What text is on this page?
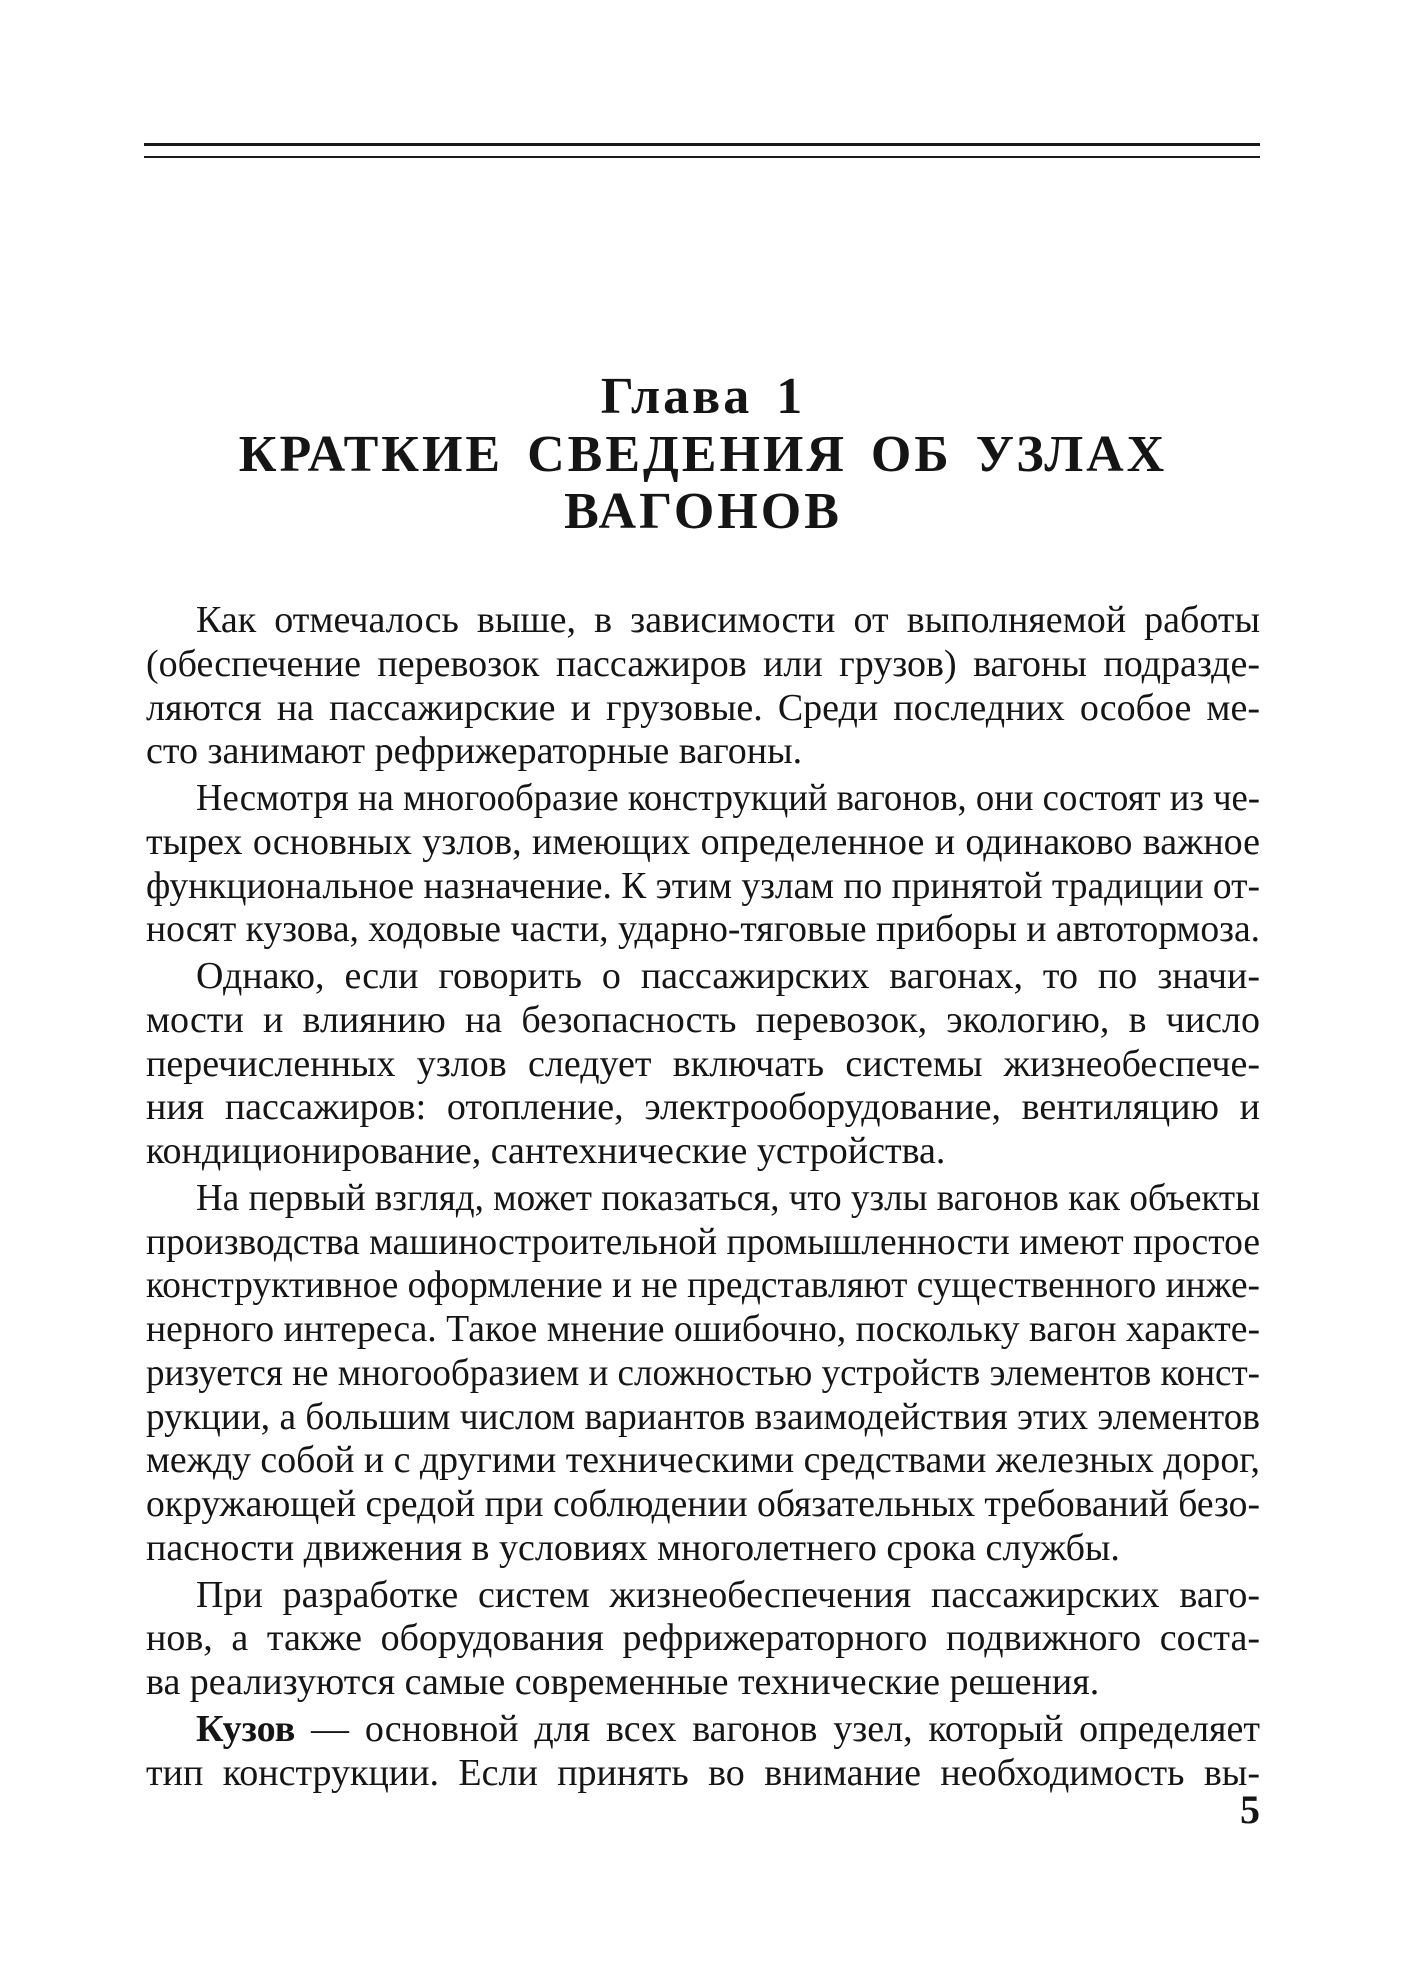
Глава 1
КРАТКИЕ СВЕДЕНИЯ ОБ УЗЛАХ
ВАГОНОВ
Как отмечалось выше, в зависимости от выполняемой работы
(обеспечение перевозок пассажиров или грузов) вагоны подразде-
ляются на пассажирские и грузовые. Среди последних особое ме-
сто занимают рефрижераторные вагоны.
Несмотря на многообразие конструкций вагонов, они состоят из че-
тырех основных узлов, имеющих определенное и одинаково важное
функциональное назначение. К этим узлам по принятой традиции от-
носят кузова, ходовые части, ударно-тяговые приборы и автотормоза.
Однако, если говорить о пассажирских вагонах, то по значи-
мости и влиянию на безопасность перевозок, экологию, в число
перечисленных узлов следует включать системы жизнеобеспече-
ния пассажиров: отопление, электрооборудование, вентиляцию и
кондиционирование, сантехнические устройства.
На первый взгляд, может показаться, что узлы вагонов как объекты
производства машиностроительной промышленности имеют простое
конструктивное оформление и не представляют существенного инже-
нерного интереса. Такое мнение ошибочно, поскольку вагон характе-
ризуется не многообразием и сложностью устройств элементов конст-
рукции, а большим числом вариантов взаимодействия этих элементов
между собой и с другими техническими средствами железных дорог,
окружающей средой при соблюдении обязательных требований безо-
пасности движения в условиях многолетнего срока службы.
При разработке систем жизнеобеспечения пассажирских ваго-
нов, а также оборудования рефрижераторного подвижного соста-
ва реализуются самые современные технические решения.
Кузов — основной для всех вагонов узел, который определяет
тип конструкции. Если принять во внимание необходимость вы-
5
